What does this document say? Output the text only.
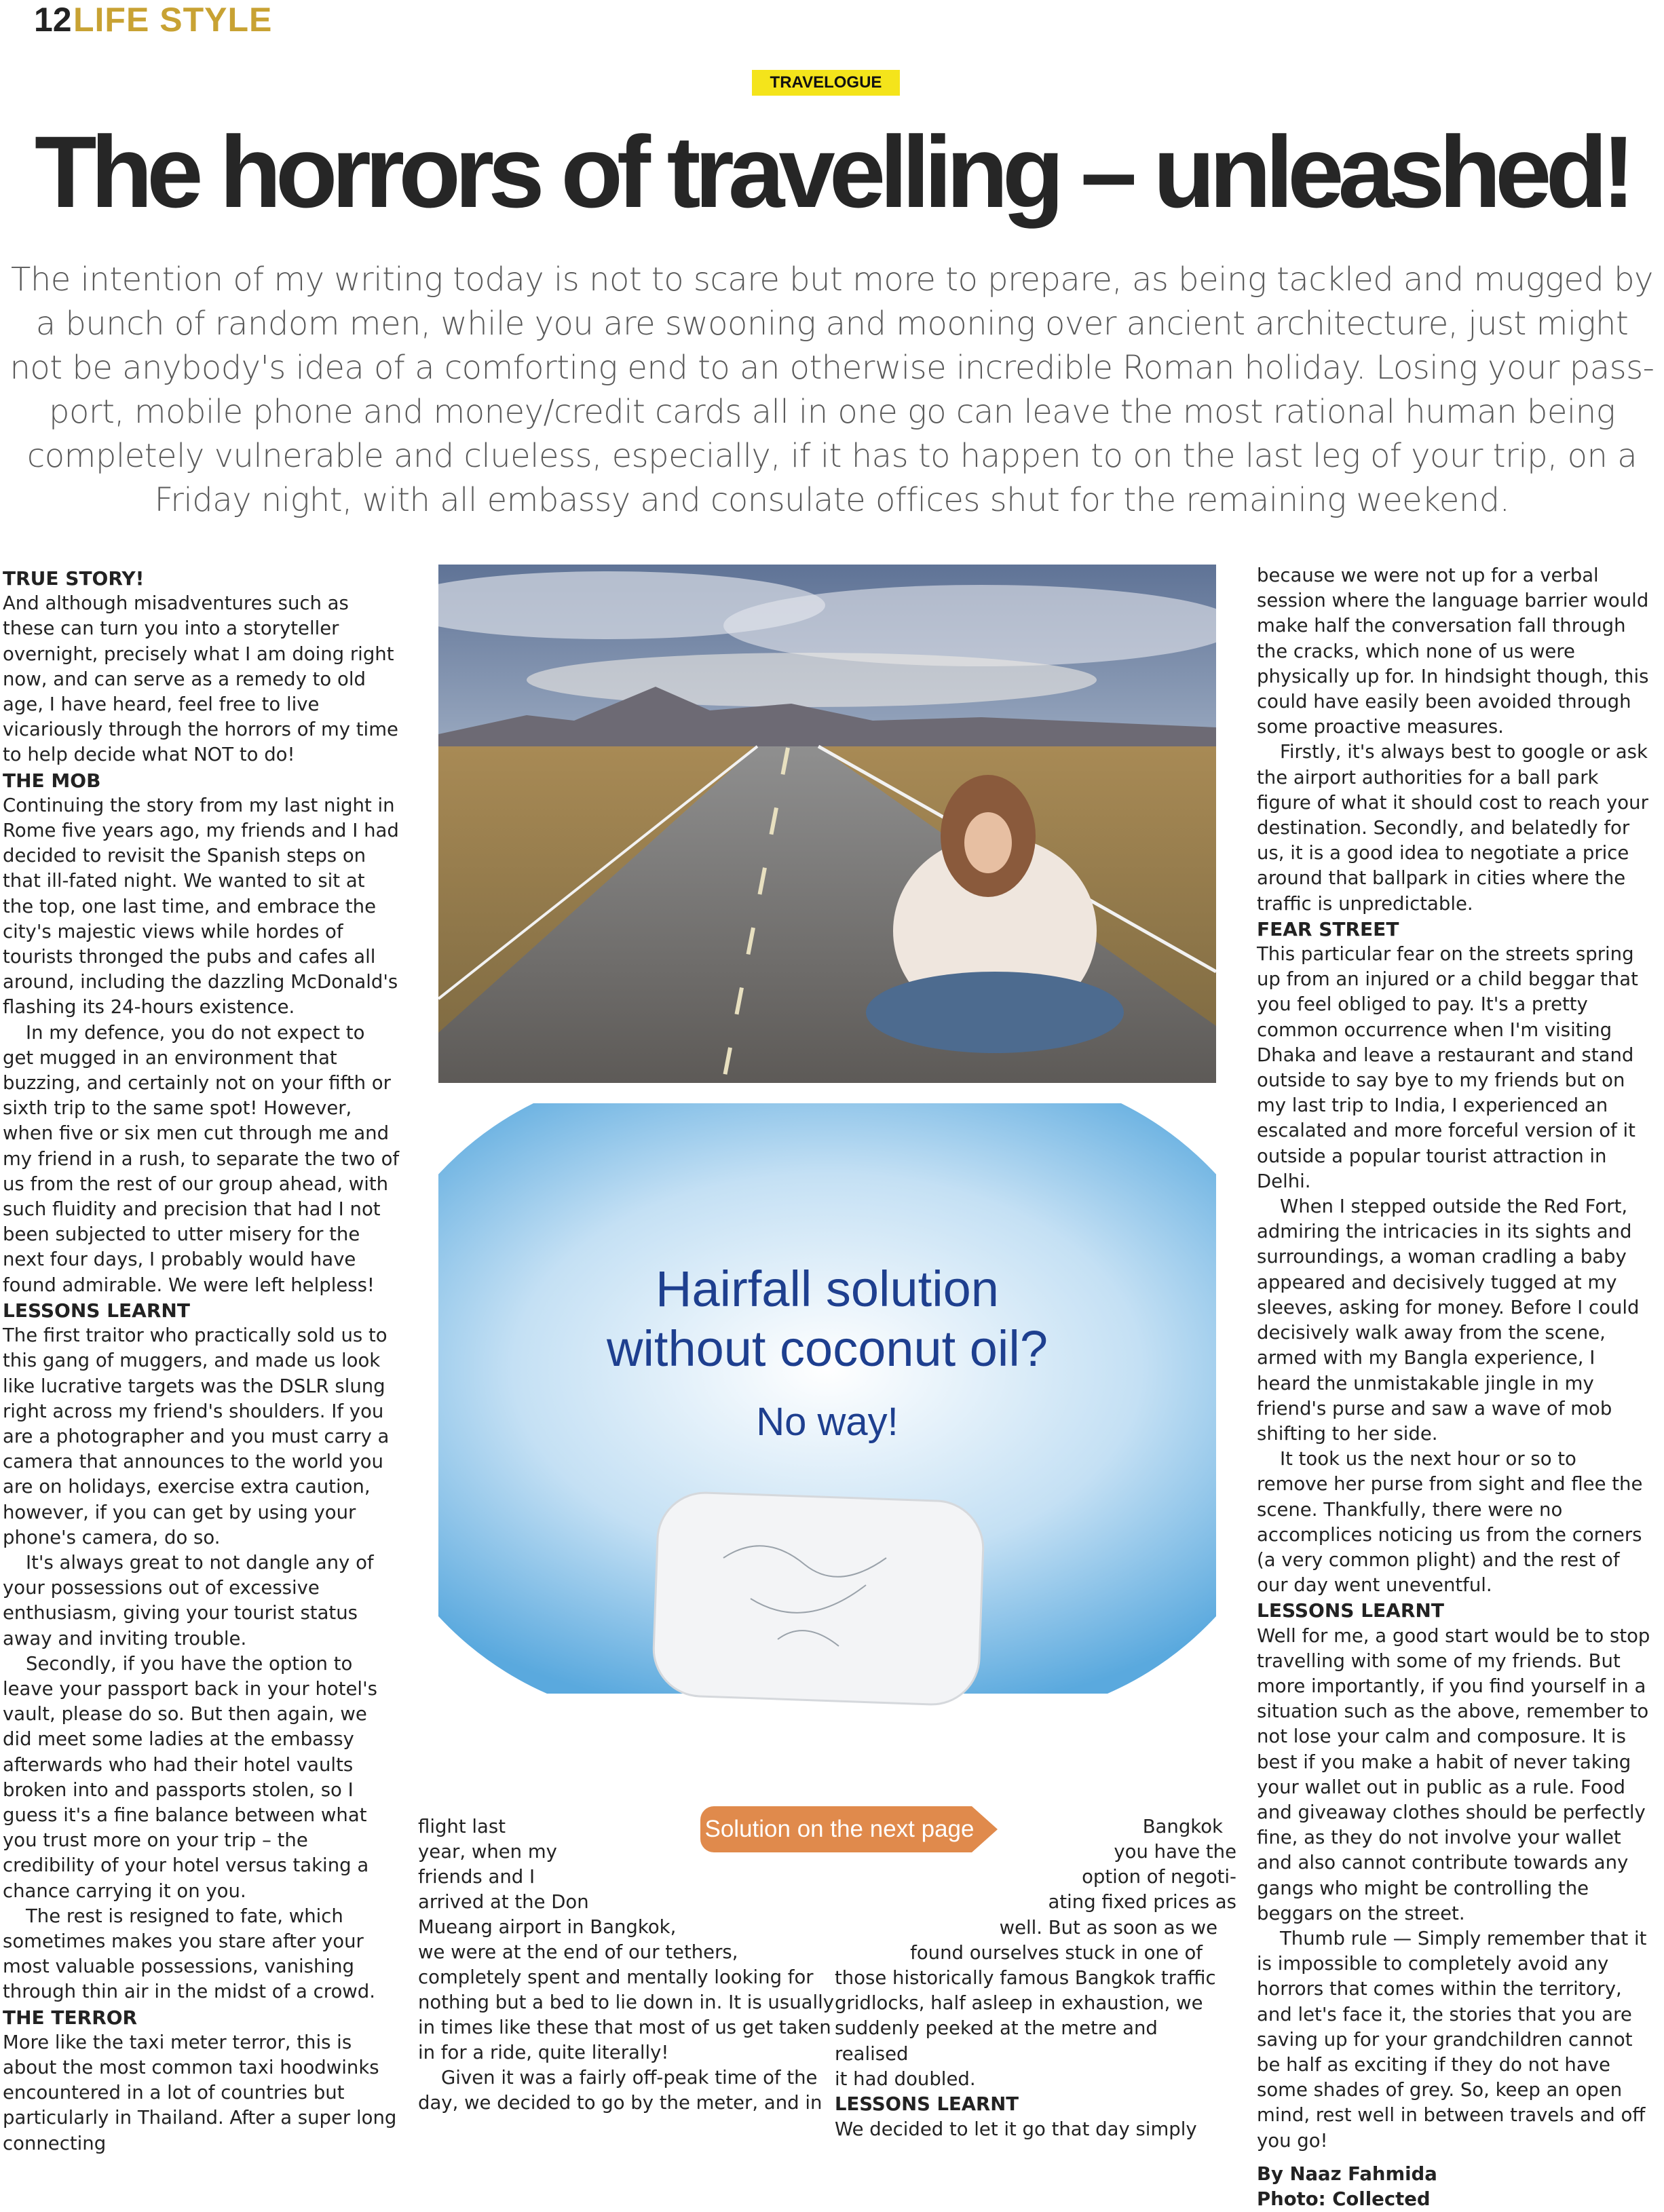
12 LIFE STYLE
TRAVELOGUE
The horrors of travelling – unleashed!
The intention of my writing today is not to scare but more to prepare, as being tackled and mugged by
a bunch of random men, while you are swooning and mooning over ancient architecture, just might
not be anybody's idea of a comforting end to an otherwise incredible Roman holiday. Losing your pass-
port, mobile phone and money/credit cards all in one go can leave the most rational human being
completely vulnerable and clueless, especially, if it has to happen to on the last leg of your trip, on a
Friday night, with all embassy and consulate offices shut for the remaining weekend.
TRUE STORY!

And although misadventures such as these can turn you into a storyteller overnight, precisely what I am doing right now, and can serve as a remedy to old age, I have heard, feel free to live vicariously through the horrors of my time to help decide what NOT to do!

THE MOB

Continuing the story from my last night in Rome five years ago, my friends and I had decided to revisit the Spanish steps on that ill-fated night. We wanted to sit at the top, one last time, and embrace the city's majestic views while hordes of tourists thronged the pubs and cafes all around, including the dazzling McDonald's flashing its 24-hours existence.

In my defence, you do not expect to get mugged in an environment that buzzing, and certainly not on your fifth or sixth trip to the same spot! However, when five or six men cut through me and my friend in a rush, to separate the two of us from the rest of our group ahead, with such fluidity and precision that had I not been subjected to utter misery for the next four days, I probably would have found admirable. We were left helpless!

LESSONS LEARNT

The first traitor who practically sold us to this gang of muggers, and made us look like lucrative targets was the DSLR slung right across my friend's shoulders. If you are a photographer and you must carry a camera that announces to the world you are on holidays, exercise extra caution, however, if you can get by using your phone's camera, do so.

It's always great to not dangle any of your possessions out of excessive enthusiasm, giving your tourist status away and inviting trouble.

Secondly, if you have the option to leave your passport back in your hotel's vault, please do so. But then again, we did meet some ladies at the embassy afterwards who had their hotel vaults broken into and passports stolen, so I guess it's a fine balance between what you trust more on your trip – the credibility of your hotel versus taking a chance carrying it on you.

The rest is resigned to fate, which sometimes makes you stare after your most valuable possessions, vanishing through thin air in the midst of a crowd.

THE TERROR

More like the taxi meter terror, this is about the most common taxi hoodwinks encountered in a lot of countries but particularly in Thailand. After a super long connecting

Hairfall solution
without coconut oil?
No way!
Solution on the next page
flight last
year, when my
friends and I
arrived at the Don
Mueang airport in Bangkok,
we were at the end of our tethers,
completely spent and mentally looking for
nothing but a bed to lie down in. It is usually
in times like these that most of us get taken
in for a ride, quite literally!
Given it was a fairly off-peak time of the
day, we decided to go by the meter, and in
Bangkok
you have the
option of negoti-
ating fixed prices as
well. But as soon as we
found ourselves stuck in one of
those historically famous Bangkok traffic
gridlocks, half asleep in exhaustion, we
suddenly peeked at the metre and realised
it had doubled.
LESSONS LEARNT
We decided to let it go that day simply

because we were not up for a verbal session where the language barrier would make half the conversation fall through the cracks, which none of us were physically up for. In hindsight though, this could have easily been avoided through some proactive measures.

Firstly, it's always best to google or ask the airport authorities for a ball park figure of what it should cost to reach your destination. Secondly, and belatedly for us, it is a good idea to negotiate a price around that ballpark in cities where the traffic is unpredictable.

FEAR STREET

This particular fear on the streets spring up from an injured or a child beggar that you feel obliged to pay. It's a pretty common occurrence when I'm visiting Dhaka and leave a restaurant and stand outside to say bye to my friends but on my last trip to India, I experienced an escalated and more forceful version of it outside a popular tourist attraction in Delhi.

When I stepped outside the Red Fort, admiring the intricacies in its sights and surroundings, a woman cradling a baby appeared and decisively tugged at my sleeves, asking for money. Before I could decisively walk away from the scene, armed with my Bangla experience, I heard the unmistakable jingle in my friend's purse and saw a wave of mob shifting to her side.

It took us the next hour or so to remove her purse from sight and flee the scene. Thankfully, there were no accomplices noticing us from the corners (a very common plight) and the rest of our day went uneventful.

LESSONS LEARNT

Well for me, a good start would be to stop travelling with some of my friends. But more importantly, if you find yourself in a situation such as the above, remember to not lose your calm and composure. It is best if you make a habit of never taking your wallet out in public as a rule. Food and giveaway clothes should be perfectly fine, as they do not involve your wallet and also cannot contribute towards any gangs who might be controlling the beggars on the street.

Thumb rule — Simply remember that it is impossible to completely avoid any horrors that comes within the territory, and let's face it, the stories that you are saving up for your grandchildren cannot be half as exciting if they do not have some shades of grey. So, keep an open mind, rest well in between travels and off you go!

By Naaz Fahmida

Photo: Collected
